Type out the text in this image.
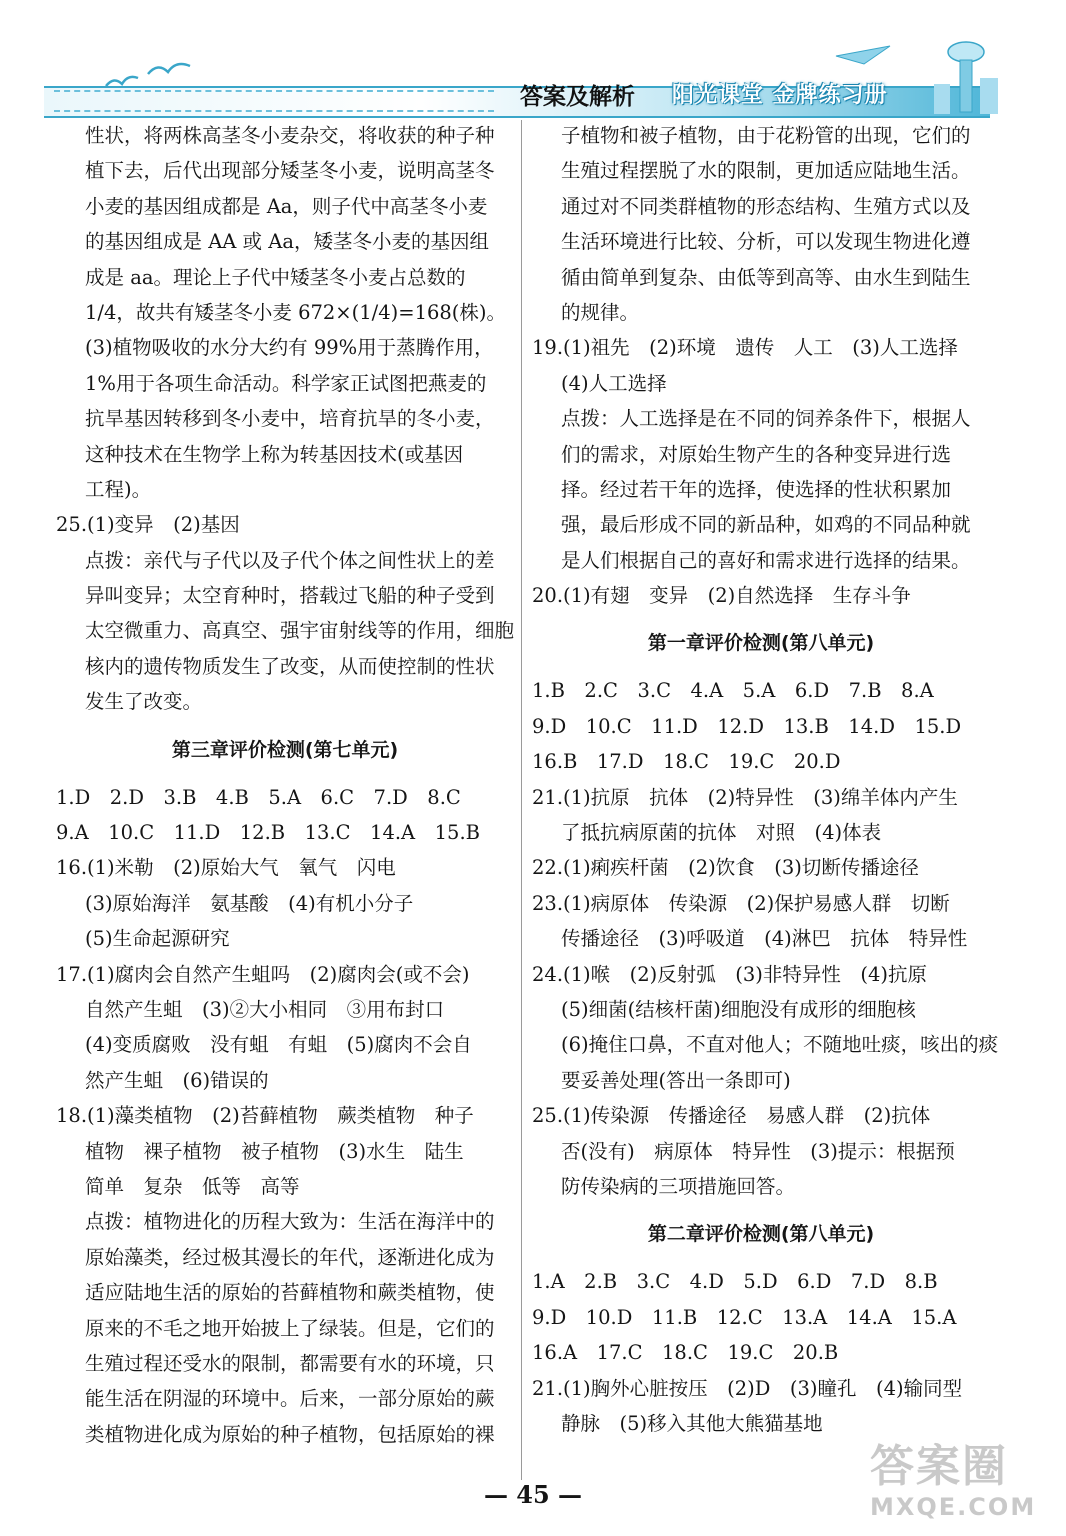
答案及解析 阳光课堂 金牌练习册
性状，将两株高茎冬小麦杂交，将收获的种子种
植下去，后代出现部分矮茎冬小麦，说明高茎冬
小麦的基因组成都是 Aa，则子代中高茎冬小麦
的基因组成是 AA 或 Aa，矮茎冬小麦的基因组
成是 aa。理论上子代中矮茎冬小麦占总数的
1/4，故共有矮茎冬小麦 672×(1/4)=168(株)。
(3)植物吸收的水分大约有 99%用于蒸腾作用，
1%用于各项生命活动。科学家正试图把燕麦的
抗旱基因转移到冬小麦中，培育抗旱的冬小麦，
这种技术在生物学上称为转基因技术(或基因
工程)。
25.(1)变异　(2)基因
点拨：亲代与子代以及子代个体之间性状上的差
异叫变异；太空育种时，搭载过飞船的种子受到
太空微重力、高真空、强宇宙射线等的作用，细胞
核内的遗传物质发生了改变，从而使控制的性状
发生了改变。
第三章评价检测(第七单元)
1.D　2.D　3.B　4.B　5.A　6.C　7.D　8.C
9.A　10.C　11.D　12.B　13.C　14.A　15.B
16.(1)米勒　(2)原始大气　氧气　闪电
(3)原始海洋　氨基酸　(4)有机小分子
(5)生命起源研究
17.(1)腐肉会自然产生蛆吗　(2)腐肉会(或不会)
自然产生蛆　(3)②大小相同　③用布封口
(4)变质腐败　没有蛆　有蛆　(5)腐肉不会自
然产生蛆　(6)错误的
18.(1)藻类植物　(2)苔藓植物　蕨类植物　种子
植物　裸子植物　被子植物　(3)水生　陆生
简单　复杂　低等　高等
点拨：植物进化的历程大致为：生活在海洋中的
原始藻类，经过极其漫长的年代，逐渐进化成为
适应陆地生活的原始的苔藓植物和蕨类植物，使
原来的不毛之地开始披上了绿装。但是，它们的
生殖过程还受水的限制，都需要有水的环境，只
能生活在阴湿的环境中。后来，一部分原始的蕨
类植物进化成为原始的种子植物，包括原始的裸
子植物和被子植物，由于花粉管的出现，它们的
生殖过程摆脱了水的限制，更加适应陆地生活。
通过对不同类群植物的形态结构、生殖方式以及
生活环境进行比较、分析，可以发现生物进化遵
循由简单到复杂、由低等到高等、由水生到陆生
的规律。
19.(1)祖先　(2)环境　遗传　人工　(3)人工选择
(4)人工选择
点拨：人工选择是在不同的饲养条件下，根据人
们的需求，对原始生物产生的各种变异进行选
择。经过若干年的选择，使选择的性状积累加
强，最后形成不同的新品种，如鸡的不同品种就
是人们根据自己的喜好和需求进行选择的结果。
20.(1)有翅　变异　(2)自然选择　生存斗争
第一章评价检测(第八单元)
1.B　2.C　3.C　4.A　5.A　6.D　7.B　8.A
9.D　10.C　11.D　12.D　13.B　14.D　15.D
16.B　17.D　18.C　19.C　20.D
21.(1)抗原　抗体　(2)特异性　(3)绵羊体内产生
了抵抗病原菌的抗体　对照　(4)体表
22.(1)痢疾杆菌　(2)饮食　(3)切断传播途径
23.(1)病原体　传染源　(2)保护易感人群　切断
传播途径　(3)呼吸道　(4)淋巴　抗体　特异性
24.(1)喉　(2)反射弧　(3)非特异性　(4)抗原
(5)细菌(结核杆菌)细胞没有成形的细胞核
(6)掩住口鼻，不直对他人；不随地吐痰，咳出的痰
要妥善处理(答出一条即可)
25.(1)传染源　传播途径　易感人群　(2)抗体
否(没有)　病原体　特异性　(3)提示：根据预
防传染病的三项措施回答。
第二章评价检测(第八单元)
1.A　2.B　3.C　4.D　5.D　6.D　7.D　8.B
9.D　10.D　11.B　12.C　13.A　14.A　15.A
16.A　17.C　18.C　19.C　20.B
21.(1)胸外心脏按压　(2)D　(3)瞳孔　(4)输同型
静脉　(5)移入其他大熊猫基地
— 45 —
答案圈
MXQE.COM
